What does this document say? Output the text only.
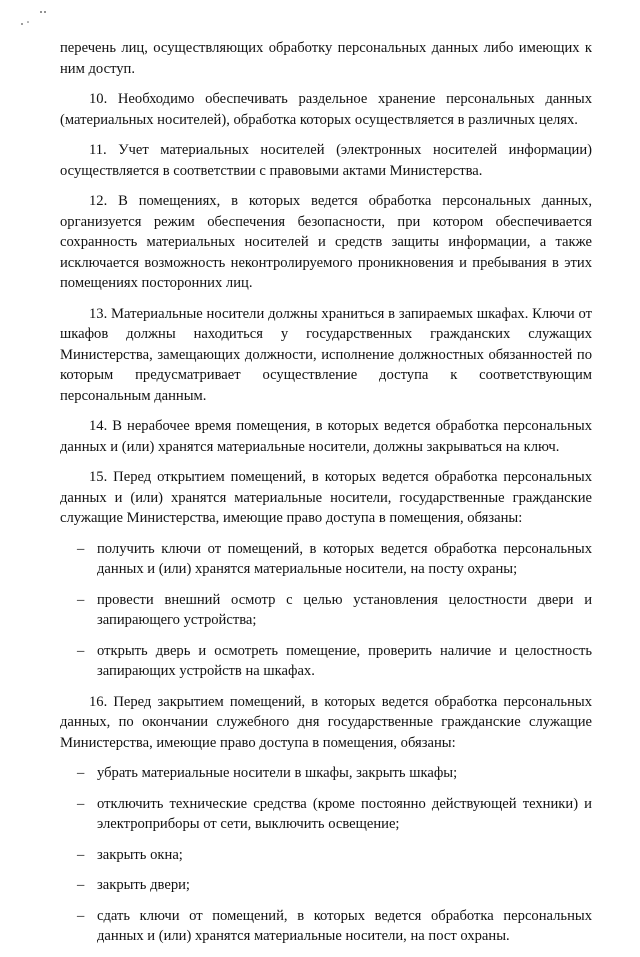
перечень лиц, осуществляющих обработку персональных данных либо имеющих к ним доступ.

10. Необходимо обеспечивать раздельное хранение персональных данных (материальных носителей), обработка которых осуществляется в различных целях.

11. Учет материальных носителей (электронных носителей информации) осуществляется в соответствии с правовыми актами Министерства.

12. В помещениях, в которых ведется обработка персональных данных, организуется режим обеспечения безопасности, при котором обеспечивается сохранность материальных носителей и средств защиты информации, а также исключается возможность неконтролируемого проникновения и пребывания в этих помещениях посторонних лиц.

13. Материальные носители должны храниться в запираемых шкафах. Ключи от шкафов должны находиться у государственных гражданских служащих Министерства, замещающих должности, исполнение должностных обязанностей по которым предусматривает осуществление доступа к соответствующим персональным данным.

14. В нерабочее время помещения, в которых ведется обработка персональных данных и (или) хранятся материальные носители, должны закрываться на ключ.

15. Перед открытием помещений, в которых ведется обработка персональных данных и (или) хранятся материальные носители, государственные гражданские служащие Министерства, имеющие право доступа в помещения, обязаны:

– получить ключи от помещений, в которых ведется обработка персональных данных и (или) хранятся материальные носители, на посту охраны;
– провести внешний осмотр с целью установления целостности двери и запирающего устройства;
– открыть дверь и осмотреть помещение, проверить наличие и целостность запирающих устройств на шкафах.

16. Перед закрытием помещений, в которых ведется обработка персональных данных, по окончании служебного дня государственные гражданские служащие Министерства, имеющие право доступа в помещения, обязаны:

– убрать материальные носители в шкафы, закрыть шкафы;
– отключить технические средства (кроме постоянно действующей техники) и электроприборы от сети, выключить освещение;
– закрыть окна;
– закрыть двери;
– сдать ключи от помещений, в которых ведется обработка персональных данных и (или) хранятся материальные носители, на пост охраны.
